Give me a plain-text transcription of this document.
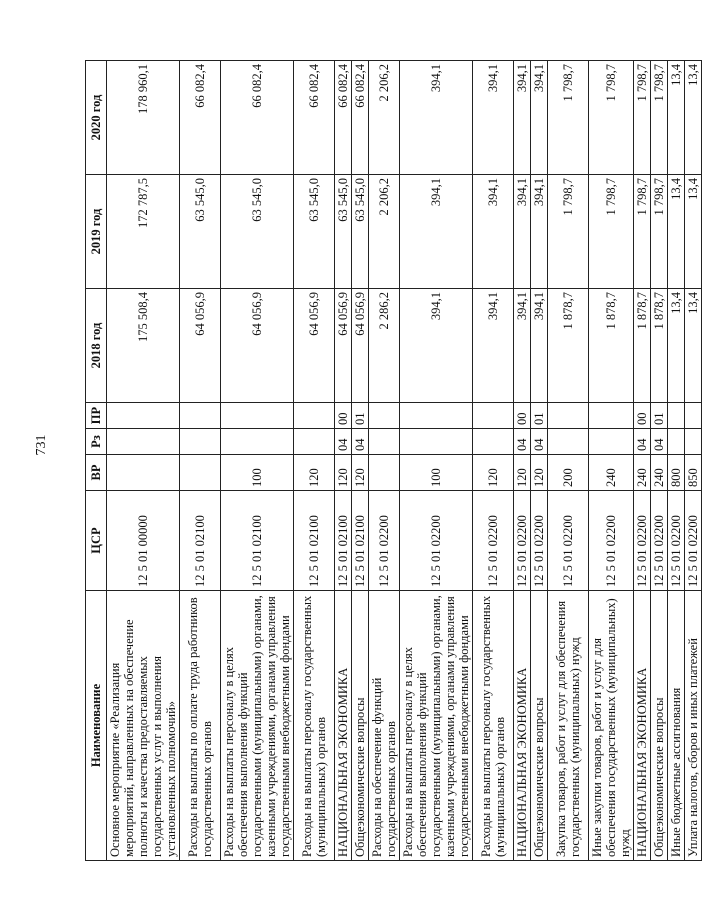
731
Наименование	ЦСР	ВР	Рз	ПР	2018 год	2019 год	2020 год
Основное мероприятие «Реализация мероприятий, направленных на обеспечение полноты и качества предоставляемых государственных услуг и выполнения установленных полномочий»	12 5 01 00000				175 508,4	172 787,5	178 960,1
Расходы на выплаты по оплате труда работников государственных органов	12 5 01 02100				64 056,9	63 545,0	66 082,4
Расходы на выплаты персоналу в целях обеспечения выполнения функций государственными (муниципальными) органами, казенными учреждениями, органами управления государственными внебюджетными фондами	12 5 01 02100	100			64 056,9	63 545,0	66 082,4
Расходы на выплаты персоналу государственных (муниципальных) органов	12 5 01 02100	120			64 056,9	63 545,0	66 082,4
НАЦИОНАЛЬНАЯ ЭКОНОМИКА	12 5 01 02100	120	04	00	64 056,9	63 545,0	66 082,4
Общеэкономические вопросы	12 5 01 02100	120	04	01	64 056,9	63 545,0	66 082,4
Расходы на обеспечение функций государственных органов	12 5 01 02200				2 286,2	2 206,2	2 206,2
Расходы на выплаты персоналу в целях обеспечения выполнения функций государственными (муниципальными) органами, казенными учреждениями, органами управления государственными внебюджетными фондами	12 5 01 02200	100			394,1	394,1	394,1
Расходы на выплаты персоналу государственных (муниципальных) органов	12 5 01 02200	120			394,1	394,1	394,1
НАЦИОНАЛЬНАЯ ЭКОНОМИКА	12 5 01 02200	120	04	00	394,1	394,1	394,1
Общеэкономические вопросы	12 5 01 02200	120	04	01	394,1	394,1	394,1
Закупка товаров, работ и услуг для обеспечения государственных (муниципальных) нужд	12 5 01 02200	200			1 878,7	1 798,7	1 798,7
Иные закупки товаров, работ и услуг для обеспечения государственных (муниципальных) нужд	12 5 01 02200	240			1 878,7	1 798,7	1 798,7
НАЦИОНАЛЬНАЯ ЭКОНОМИКА	12 5 01 02200	240	04	00	1 878,7	1 798,7	1 798,7
Общеэкономические вопросы	12 5 01 02200	240	04	01	1 878,7	1 798,7	1 798,7
Иные бюджетные ассигнования	12 5 01 02200	800			13,4	13,4	13,4
Уплата налогов, сборов и иных платежей	12 5 01 02200	850			13,4	13,4	13,4
